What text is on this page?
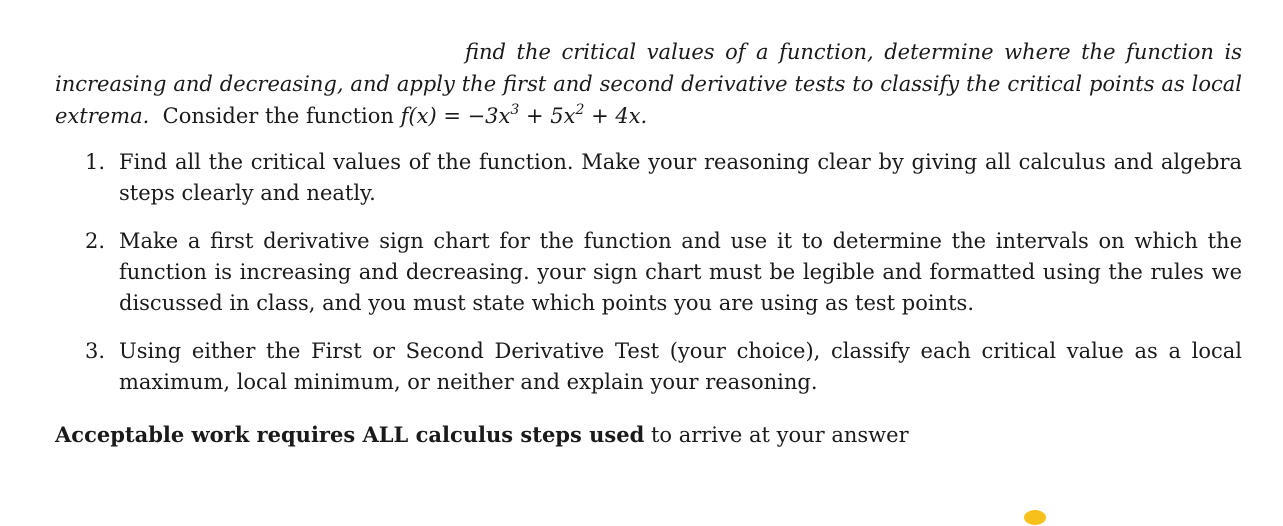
find the critical values of a function, determine where the function is increasing and decreasing, and apply the first and second derivative tests to classify the critical points as local extrema. Consider the function $f(x) = -3x^3 + 5x^2 + 4x$.

1. Find all the critical values of the function. Make your reasoning clear by giving all calculus and algebra steps clearly and neatly.
2. Make a first derivative sign chart for the function and use it to determine the intervals on which the function is increasing and decreasing. your sign chart must be legible and formatted using the rules we discussed in class, and you must state which points you are using as test points.
3. Using either the First or Second Derivative Test (your choice), classify each critical value as a local maximum, local minimum, or neither and explain your reasoning.

Acceptable work requires ALL calculus steps used to arrive at your answer
